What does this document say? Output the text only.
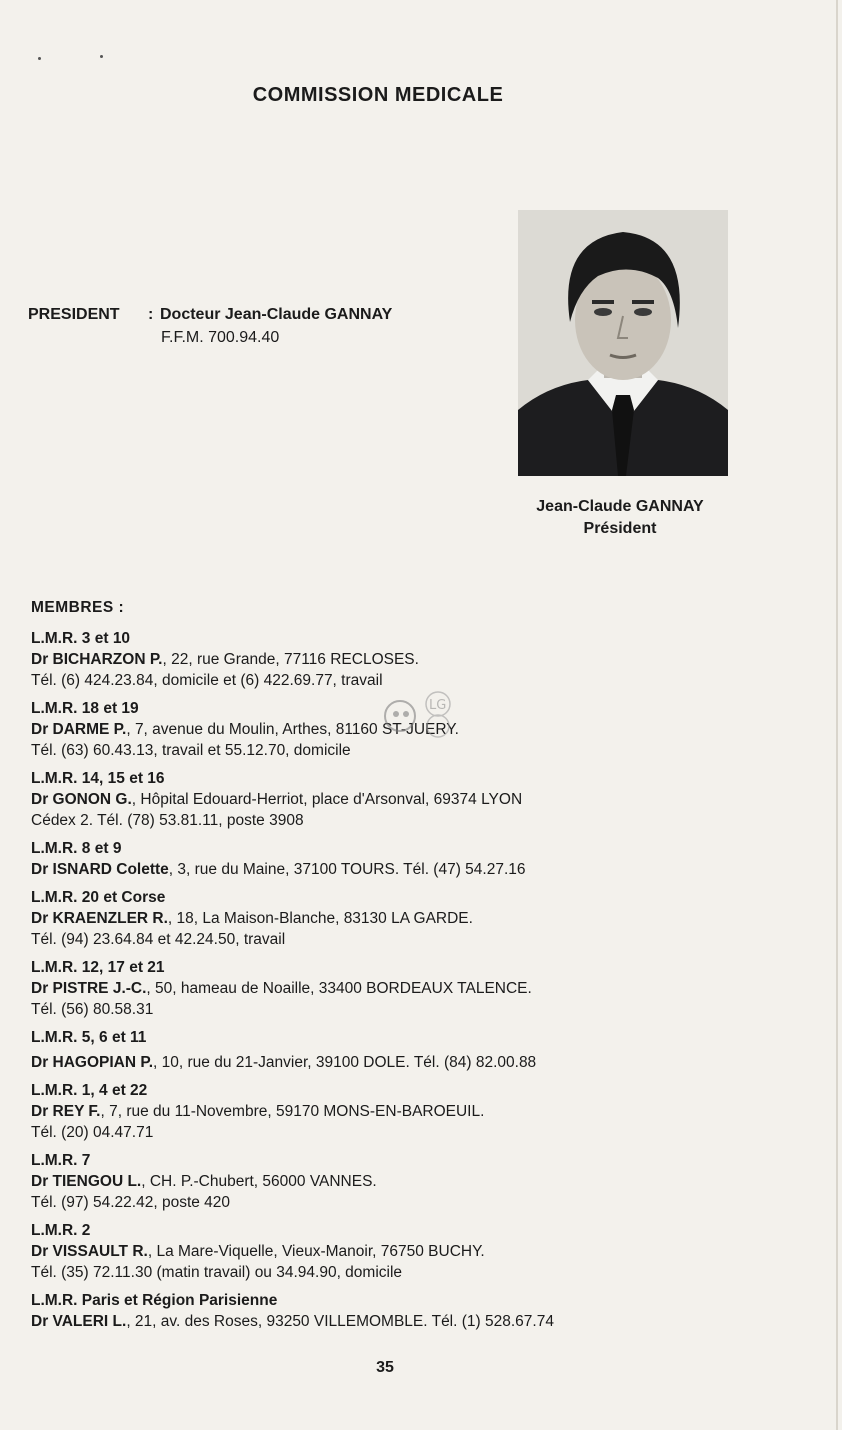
COMMISSION MEDICALE
PRESIDENT : Docteur Jean-Claude GANNAY
F.F.M. 700.94.40
Jean-Claude GANNAY
Président
MEMBRES :
L.M.R. 3 et 10
Dr BICHARZON P., 22, rue Grande, 77116 RECLOSES.
Tél. (6) 424.23.84, domicile et (6) 422.69.77, travail
L.M.R. 18 et 19
Dr DARME P., 7, avenue du Moulin, Arthes, 81160 ST-JUERY.
Tél. (63) 60.43.13, travail et 55.12.70, domicile
L.M.R. 14, 15 et 16
Dr GONON G., Hôpital Edouard-Herriot, place d'Arsonval, 69374 LYON
Cédex 2. Tél. (78) 53.81.11, poste 3908
L.M.R. 8 et 9
Dr ISNARD Colette, 3, rue du Maine, 37100 TOURS. Tél. (47) 54.27.16
L.M.R. 20 et Corse
Dr KRAENZLER R., 18, La Maison-Blanche, 83130 LA GARDE.
Tél. (94) 23.64.84 et 42.24.50, travail
L.M.R. 12, 17 et 21
Dr PISTRE J.-C., 50, hameau de Noaille, 33400 BORDEAUX TALENCE.
Tél. (56) 80.58.31
L.M.R. 5, 6 et 11
Dr HAGOPIAN P., 10, rue du 21-Janvier, 39100 DOLE. Tél. (84) 82.00.88
L.M.R. 1, 4 et 22
Dr REY F., 7, rue du 11-Novembre, 59170 MONS-EN-BAROEUIL.
Tél. (20) 04.47.71
L.M.R. 7
Dr TIENGOU L., CH. P.-Chubert, 56000 VANNES.
Tél. (97) 54.22.42, poste 420
L.M.R. 2
Dr VISSAULT R., La Mare-Viquelle, Vieux-Manoir, 76750 BUCHY.
Tél. (35) 72.11.30 (matin travail) ou 34.94.90, domicile
L.M.R. Paris et Région Parisienne
Dr VALERI L., 21, av. des Roses, 93250 VILLEMOMBLE. Tél. (1) 528.67.74
LG
35
